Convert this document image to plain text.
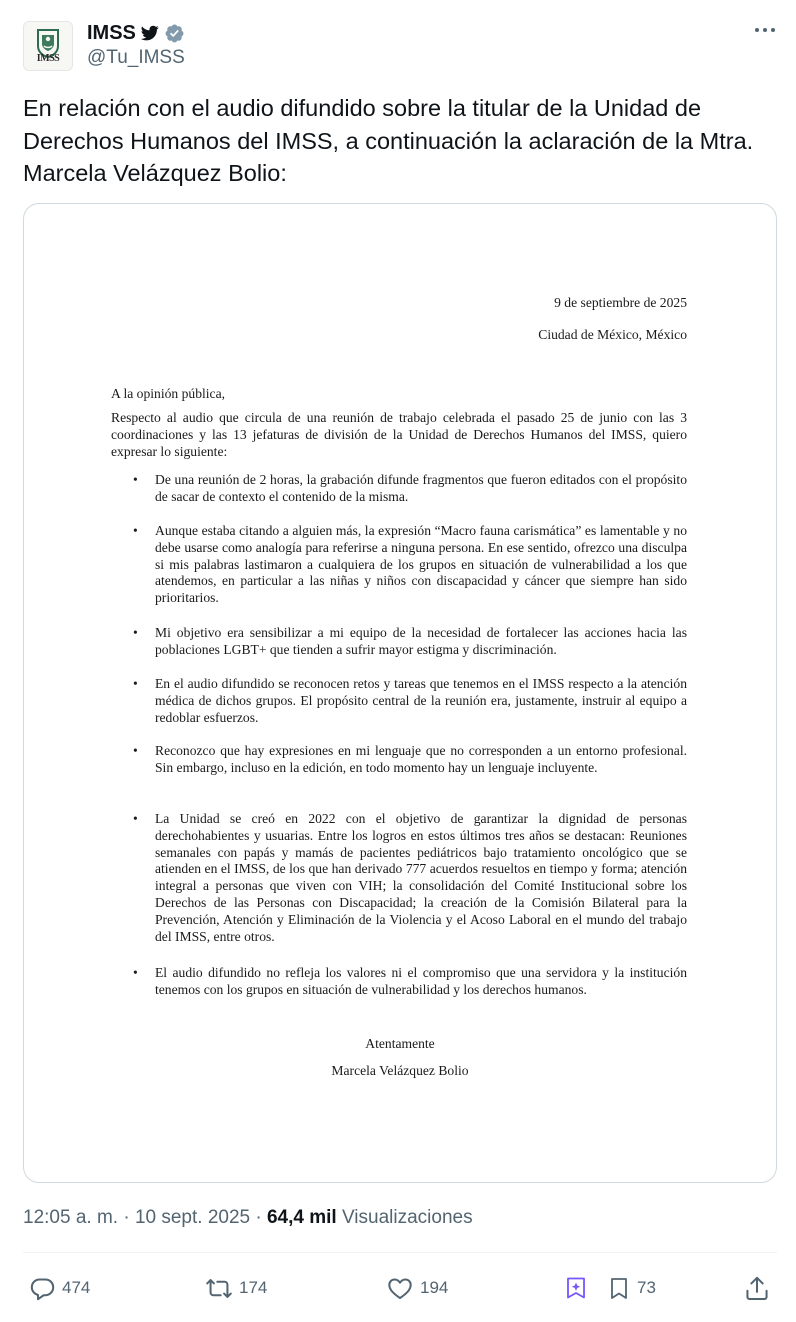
IMSS
IMSS
@Tu_IMSS
En relación con el audio difundido sobre la titular de la Unidad de Derechos Humanos del IMSS, a continuación la aclaración de la Mtra. Marcela Velázquez Bolio:
9 de septiembre de 2025
Ciudad de México, México
A la opinión pública,
Respecto al audio que circula de una reunión de trabajo celebrada el pasado 25 de junio con las 3 coordinaciones y las 13 jefaturas de división de la Unidad de Derechos Humanos del IMSS, quiero expresar lo siguiente:
• De una reunión de 2 horas, la grabación difunde fragmentos que fueron editados con el propósito de sacar de contexto el contenido de la misma.
• Aunque estaba citando a alguien más, la expresión “Macro fauna carismática” es lamentable y no debe usarse como analogía para referirse a ninguna persona. En ese sentido, ofrezco una disculpa si mis palabras lastimaron a cualquiera de los grupos en situación de vulnerabilidad a los que atendemos, en particular a las niñas y niños con discapacidad y cáncer que siempre han sido prioritarios.
• Mi objetivo era sensibilizar a mi equipo de la necesidad de fortalecer las acciones hacia las poblaciones LGBT+ que tienden a sufrir mayor estigma y discriminación.
• En el audio difundido se reconocen retos y tareas que tenemos en el IMSS respecto a la atención médica de dichos grupos. El propósito central de la reunión era, justamente, instruir al equipo a redoblar esfuerzos.
• Reconozco que hay expresiones en mi lenguaje que no corresponden a un entorno profesional. Sin embargo, incluso en la edición, en todo momento hay un lenguaje incluyente.
• La Unidad se creó en 2022 con el objetivo de garantizar la dignidad de personas derechohabientes y usuarias. Entre los logros en estos últimos tres años se destacan: Reuniones semanales con papás y mamás de pacientes pediátricos bajo tratamiento oncológico que se atienden en el IMSS, de los que han derivado 777 acuerdos resueltos en tiempo y forma; atención integral a personas que viven con VIH; la consolidación del Comité Institucional sobre los Derechos de las Personas con Discapacidad; la creación de la Comisión Bilateral para la Prevención, Atención y Eliminación de la Violencia y el Acoso Laboral en el mundo del trabajo del IMSS, entre otros.
• El audio difundido no refleja los valores ni el compromiso que una servidora y la institución tenemos con los grupos en situación de vulnerabilidad y los derechos humanos.
Atentamente
Marcela Velázquez Bolio
12:05 a. m. · 10 sept. 2025 · 64,4 mil Visualizaciones
474	174	194	73
